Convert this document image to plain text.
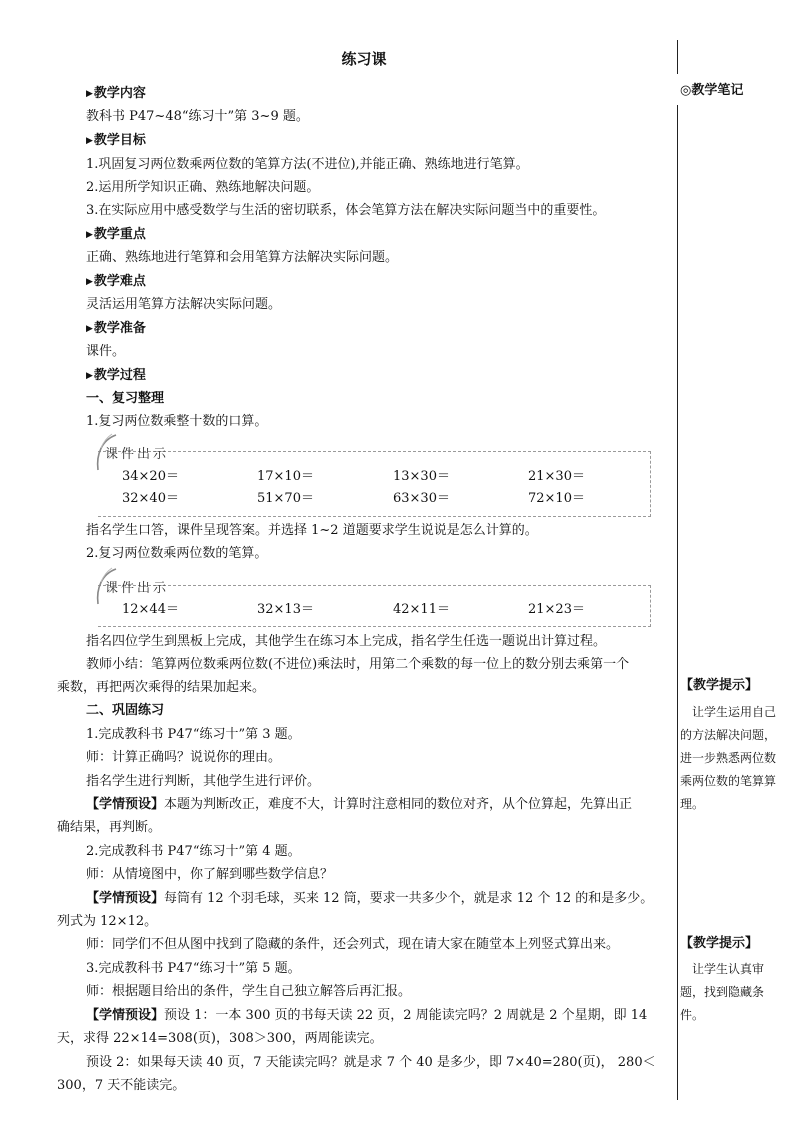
练习课
◎教学笔记
【教学提示】
　让学生运用自己的方法解决问题，进一步熟悉两位数乘两位数的笔算算理。
【教学提示】
　让学生认真审题，找到隐藏条件。
▶教学内容
教科书 P47~48“练习十”第 3~9 题。
▶教学目标
1.巩固复习两位数乘两位数的笔算方法(不进位),并能正确、熟练地进行笔算。
2.运用所学知识正确、熟练地解决问题。
3.在实际应用中感受数学与生活的密切联系，体会笔算方法在解决实际问题当中的重要性。
▶教学重点
正确、熟练地进行笔算和会用笔算方法解决实际问题。
▶教学难点
灵活运用笔算方法解决实际问题。
▶教学准备
课件。
▶教学过程
一、复习整理
1.复习两位数乘整十数的口算。
课件出示
34×20＝	17×10＝	13×30＝	21×30＝
32×40＝	51×70＝	63×30＝	72×10＝
指名学生口答，课件呈现答案。并选择 1~2 道题要求学生说说是怎么计算的。
2.复习两位数乘两位数的笔算。
课件出示
12×44＝	32×13＝	42×11＝	21×23＝
指名四位学生到黑板上完成，其他学生在练习本上完成，指名学生任选一题说出计算过程。
教师小结：笔算两位数乘两位数(不进位)乘法时，用第二个乘数的每一位上的数分别去乘第一个
乘数，再把两次乘得的结果加起来。
二、巩固练习
1.完成教科书 P47“练习十”第 3 题。
师：计算正确吗？说说你的理由。
指名学生进行判断，其他学生进行评价。
【学情预设】本题为判断改正，难度不大，计算时注意相同的数位对齐，从个位算起，先算出正
确结果，再判断。
2.完成教科书 P47“练习十”第 4 题。
师：从情境图中，你了解到哪些数学信息？
【学情预设】每筒有 12 个羽毛球，买来 12 筒，要求一共多少个，就是求 12 个 12 的和是多少。
列式为 12×12。
师：同学们不但从图中找到了隐藏的条件，还会列式，现在请大家在随堂本上列竖式算出来。
3.完成教科书 P47“练习十”第 5 题。
师：根据题目给出的条件，学生自己独立解答后再汇报。
【学情预设】预设 1：一本 300 页的书每天读 22 页，2 周能读完吗？2 周就是 2 个星期，即 14
天，求得 22×14=308(页)，308＞300，两周能读完。
预设 2：如果每天读 40 页，7 天能读完吗？就是求 7 个 40 是多少，即 7×40=280(页)， 280＜
300，7 天不能读完。
